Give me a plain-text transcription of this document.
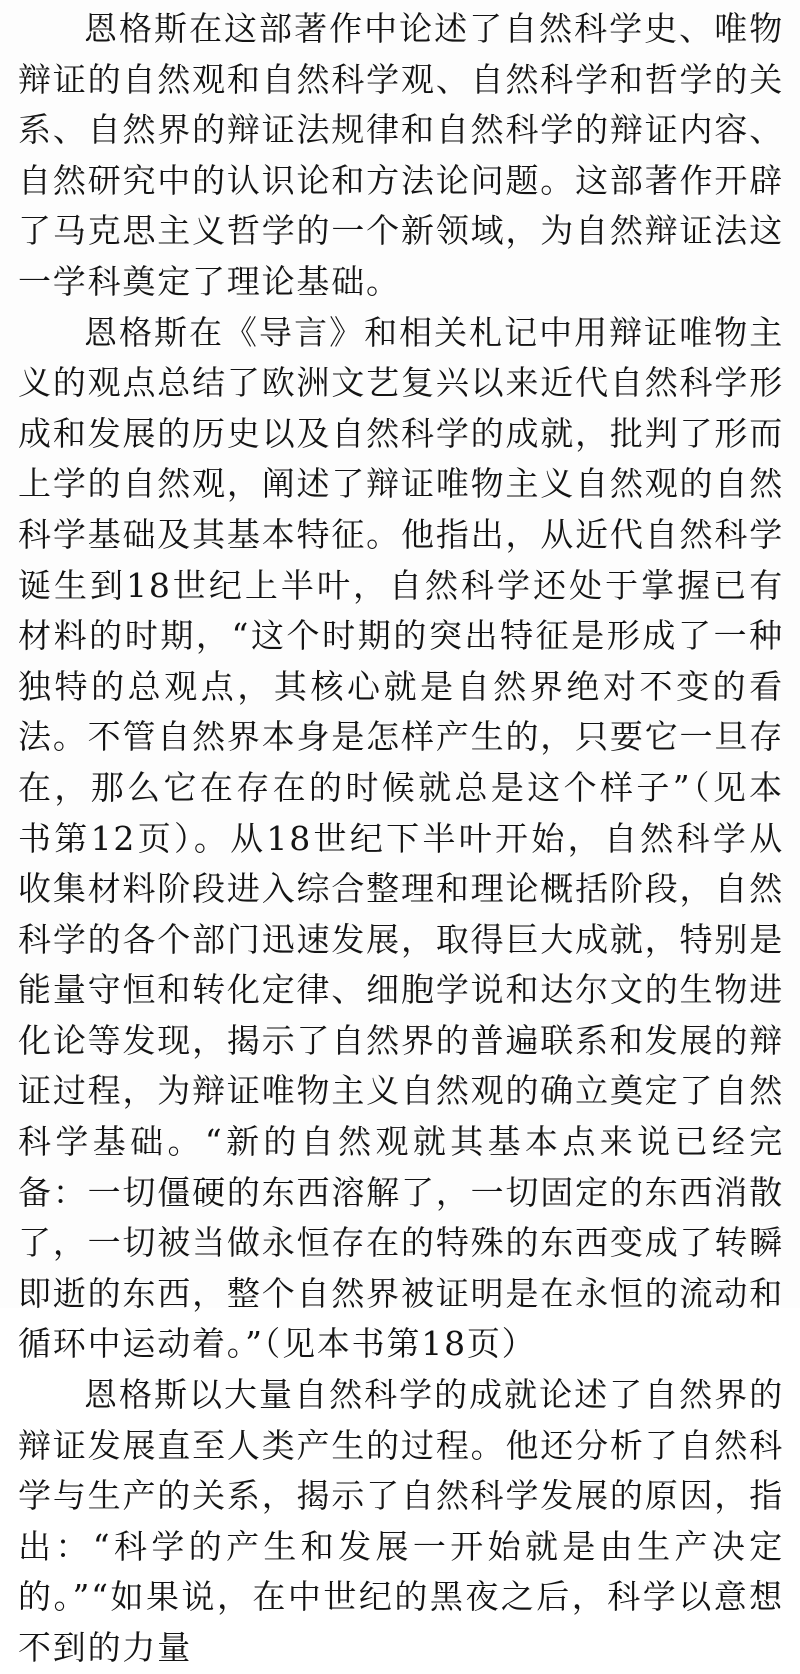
恩格斯在这部著作中论述了自然科学史、唯物辩证的自然观和自然科学观、自然科学和哲学的关系、自然界的辩证法规律和自然科学的辩证内容、自然研究中的认识论和方法论问题。这部著作开辟了马克思主义哲学的一个新领域，为自然辩证法这一学科奠定了理论基础。

恩格斯在《导言》和相关札记中用辩证唯物主义的观点总结了欧洲文艺复兴以来近代自然科学形成和发展的历史以及自然科学的成就，批判了形而上学的自然观，阐述了辩证唯物主义自然观的自然科学基础及其基本特征。他指出，从近代自然科学诞生到18世纪上半叶，自然科学还处于掌握已有材料的时期，“这个时期的突出特征是形成了一种独特的总观点，其核心就是自然界绝对不变的看法。不管自然界本身是怎样产生的，只要它一旦存在，那么它在存在的时候就总是这个样子”（见本书第12页）。从18世纪下半叶开始，自然科学从收集材料阶段进入综合整理和理论概括阶段，自然科学的各个部门迅速发展，取得巨大成就，特别是能量守恒和转化定律、细胞学说和达尔文的生物进化论等发现，揭示了自然界的普遍联系和发展的辩证过程，为辩证唯物主义自然观的确立奠定了自然科学基础。“新的自然观就其基本点来说已经完备：一切僵硬的东西溶解了，一切固定的东西消散了，一切被当做永恒存在的特殊的东西变成了转瞬即逝的东西，整个自然界被证明是在永恒的流动和循环中运动着。”（见本书第18页）

恩格斯以大量自然科学的成就论述了自然界的辩证发展直至人类产生的过程。他还分析了自然科学与生产的关系，揭示了自然科学发展的原因，指出：“科学的产生和发展一开始就是由生产决定的。”“如果说，在中世纪的黑夜之后，科学以意想不到的力量
